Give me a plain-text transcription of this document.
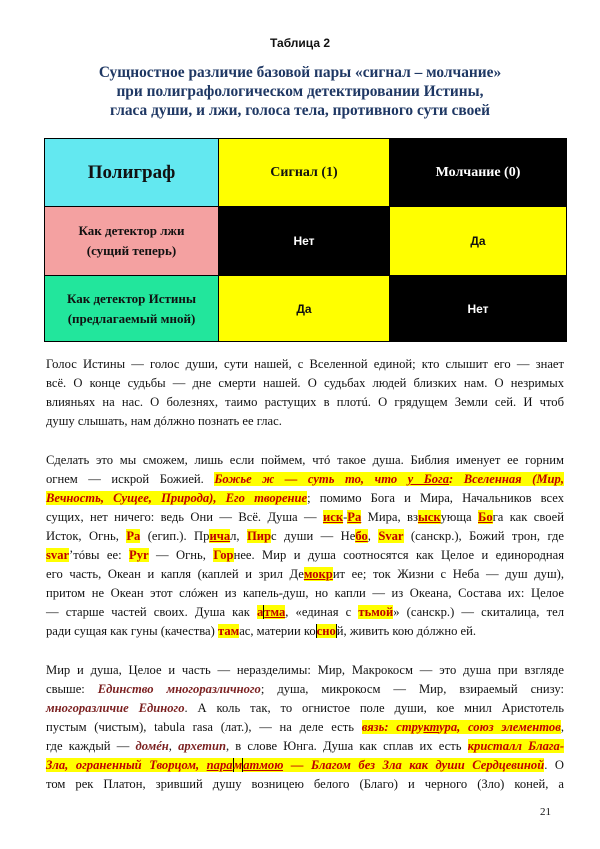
Таблица 2
Сущностное различие базовой пары «сигнал – молчание»
при полиграфологическом детектировании Истины,
гласа души, и лжи, голоса тела, противного сути своей
Полиграф	Сигнал (1)	Молчание (0)

Как детектор лжи
(сущий теперь)	Нет	Да

Как детектор Истины
(предлагаемый мной)	Да	Нет
Голос Истины — голос души, сути нашей, с Вселенной единой; кто слышит его — знает
всё. О конце судьбы — дне смерти нашей. О судьбах людей близких нам. О незримых
влияньях на нас. О болезнях, таимо растущих в плотú. О грядущем Земли сей. И чтоб
душу слышать, нам дóлжно познать ее глас.
Сделать это мы сможем, лишь если поймем, чтó такое душа. Библия именует ее горним
огнем — искрой Божией. Божье ж — суть то, что у Бога: Вселенная (Мир,
Вечность, Сущее, Природа), Его творение; помимо Бога и Мира, Начальников всех
сущих, нет ничего: ведь Они — Всё. Душа — иск-Ра Мира, взыскующа Бога как своей
Исток, Огнь, Ра (егип.). Причал, Пирс души — Небо, Svar (санскр.), Божий трон, где
svar’тóвы ее: Pyr — Огнь, Горнее. Мир и душа соотносятся как Целое и единородная
его часть, Океан и капля (каплей и зрил Демокрит ее; ток Жизни с Неба — душ душ),
притом не Океан этот слóжен из капель-душ, но капли — из Океана, Состава их: Целое
— старше частей своих. Душа как атма, «единая с тьмой» (санскр.) — скиталица, тел
ради сущая как гуны (качества) тамас, материи косной, живить кою дóлжно ей.
Мир и душа, Целое и часть — неразделимы: Мир, Макрокосм — это душа при взгляде
свыше: Единство многоразличного; душа, микрокосм — Мир, взираемый снизу:
многоразличие Единого. А коль так, то огнистое поле души, кое мнил Аристотель
пустым (чистым), tabula rasa (лат.), — на деле есть вязь: структура, союз элементов,
где каждый — домéн, архетип, в слове Юнга. Душа как сплав их есть кристалл Блага-
Зла, ограненный Творцом, параматмою — Благом без Зла как души Сердцевиной. О
том рек Платон, зривший душу возницею белого (Благо) и черного (Зло) коней, а
21
